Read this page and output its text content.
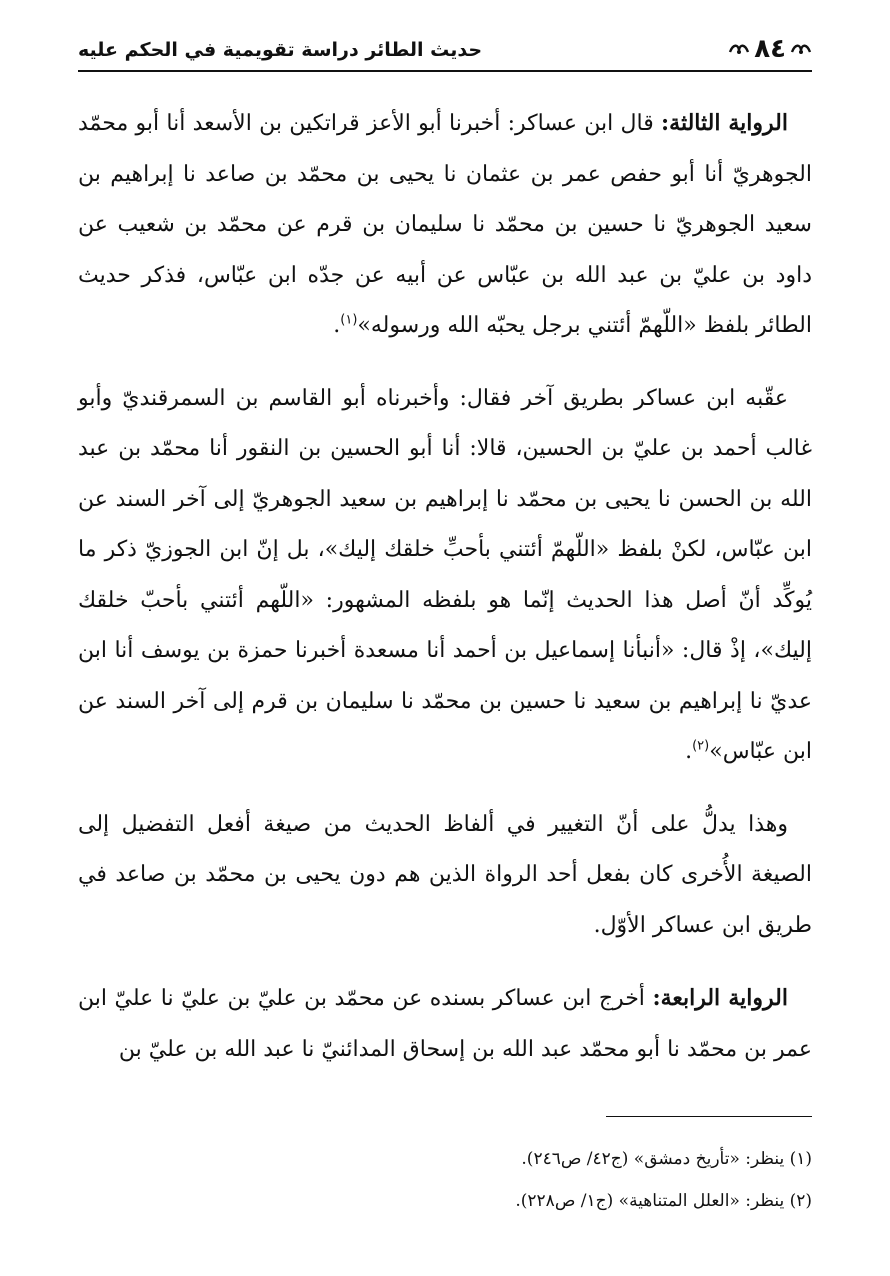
٨٤
حديث الطائر دراسة تقويمية في الحكم عليه

الرواية الثالثة: قال ابن عساكر: أخبرنا أبو الأعز قراتكين بن الأسعد أنا أبو محمّد الجوهريّ أنا أبو حفص عمر بن عثمان نا يحيى بن محمّد بن صاعد نا إبراهيم بن سعيد الجوهريّ نا حسين بن محمّد نا سليمان بن قرم عن محمّد بن شعيب عن داود بن عليّ بن عبد الله بن عبّاس عن أبيه عن جدّه ابن عبّاس، فذكر حديث الطائر بلفظ «اللّهمّ أئتني برجل يحبّه الله ورسوله»$^{(١)}$.

عقّبه ابن عساكر بطريق آخر فقال: وأخبرناه أبو القاسم بن السمرقنديّ وأبو غالب أحمد بن عليّ بن الحسين، قالا: أنا أبو الحسين بن النقور أنا محمّد بن عبد الله بن الحسن نا يحيى بن محمّد نا إبراهيم بن سعيد الجوهريّ إلى آخر السند عن ابن عبّاس، لكنْ بلفظ «اللّهمّ أئتني بأحبِّ خلقك إليك»، بل إنّ ابن الجوزيّ ذكر ما يُوكِّد أنّ أصل هذا الحديث إنّما هو بلفظه المشهور: «اللّهم أئتني بأحبّ خلقك إليك»، إذْ قال: «أنبأنا إسماعيل بن أحمد أنا مسعدة أخبرنا حمزة بن يوسف أنا ابن عديّ نا إبراهيم بن سعيد نا حسين بن محمّد نا سليمان بن قرم إلى آخر السند عن ابن عبّاس»$^{(٢)}$.

وهذا يدلُّ على أنّ التغيير في ألفاظ الحديث من صيغة أفعل التفضيل إلى الصيغة الأُخرى كان بفعل أحد الرواة الذين هم دون يحيى بن محمّد بن صاعد في طريق ابن عساكر الأوّل.

الرواية الرابعة: أخرج ابن عساكر بسنده عن محمّد بن عليّ بن عليّ نا عليّ ابن عمر بن محمّد نا أبو محمّد عبد الله بن إسحاق المدائنيّ نا عبد الله بن عليّ بن

(١) ينظر: «تأريخ دمشق» (ج٤٢/ ص٢٤٦).
(٢) ينظر: «العلل المتناهية» (ج١/ ص٢٢٨).
